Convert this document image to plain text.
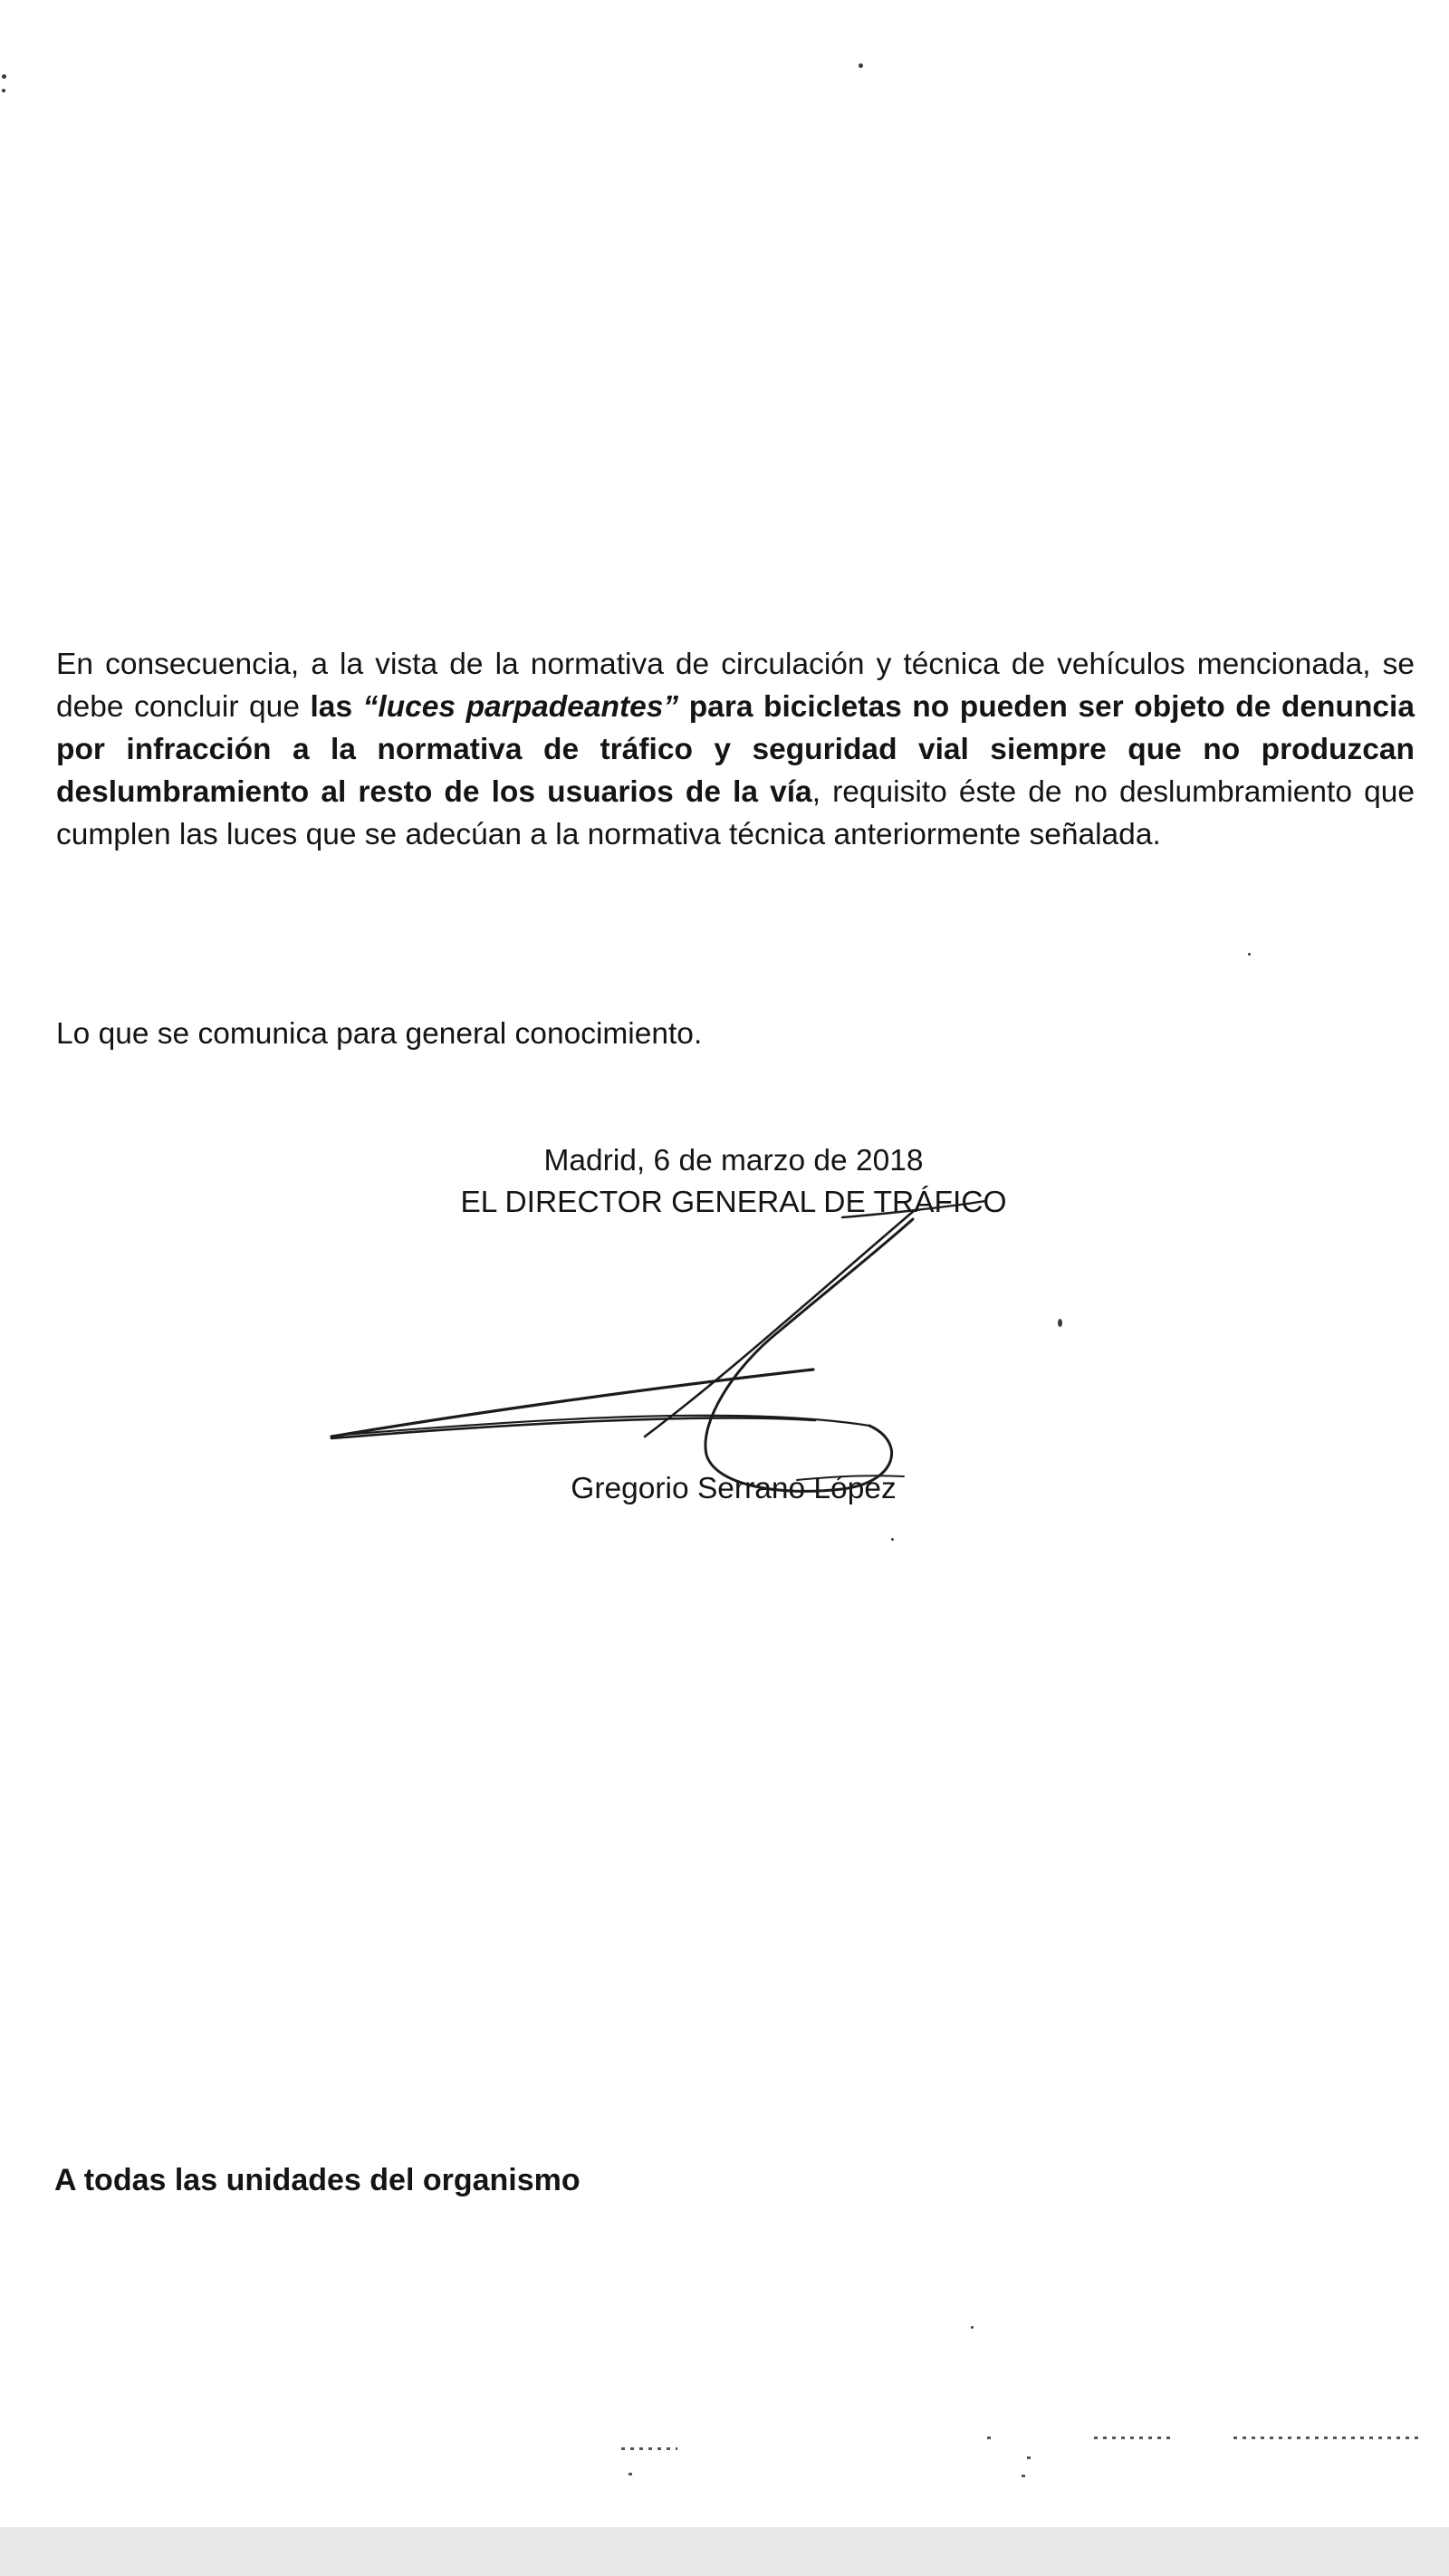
En consecuencia, a la vista de la normativa de circulación y técnica de vehículos mencionada, se debe concluir que las “luces parpadeantes” para bicicletas no pueden ser objeto de denuncia por infracción a la normativa de tráfico y seguridad vial siempre que no produzcan deslumbramiento al resto de los usuarios de la vía, requisito éste de no deslumbramiento que cumplen las luces que se adecúan a la normativa técnica anteriormente señalada.

Lo que se comunica para general conocimiento.

Madrid, 6 de marzo de 2018
EL DIRECTOR GENERAL DE TRÁFICO
Gregorio Serrano López
A todas las unidades del organismo
